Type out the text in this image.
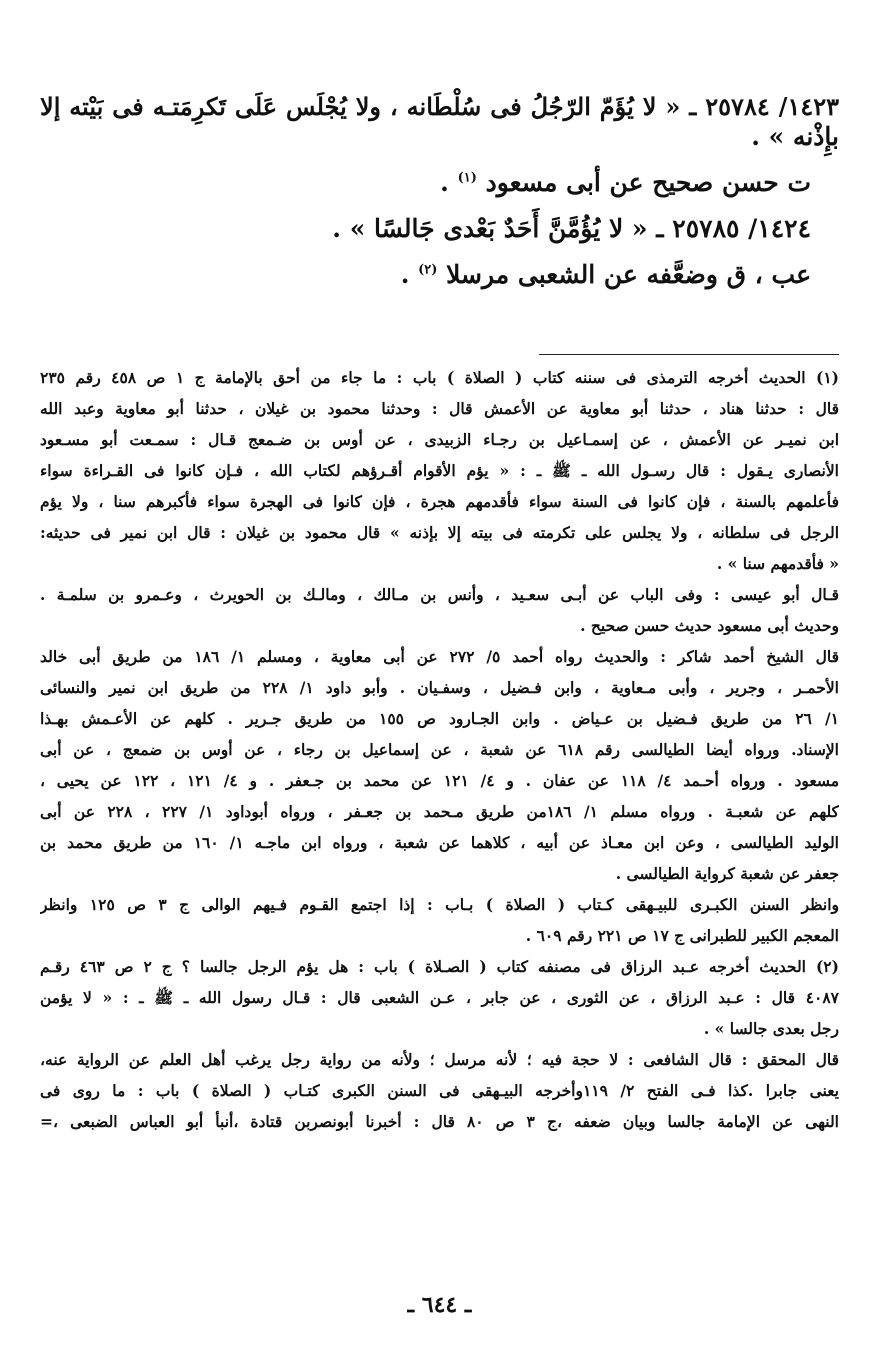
١٤٢٣/ ٢٥٧٨٤ ـ « لا يُؤَمّ الرّجُلُ فى سُلْطَانه ، ولا يُجْلَس عَلَى تَكرِمَتـه فى بَيْته إلا

بإِذْنه » .

ت حسن صحيح عن أبى مسعود $^{(١)}$ .

١٤٢٤/ ٢٥٧٨٥ ـ « لا يُؤُمَّنَّ أَحَدٌ بَعْدى جَالسًا » .

عب ، ق وضعَّفه عن الشعبى مرسلا $^{(٢)}$ .

(١) الحديث أخرجه الترمذى فى سننه كتاب ( الصلاة ) باب : ما جاء من أحق بالإمامة ج ١ ص ٤٥٨ رقم ٢٣٥

قال : حدثنا هناد ، حدثنا أبو معاوية عن الأعمش قال : وحدثنا محمود بن غيلان ، حدثنا أبو معاوية وعبد الله

ابن نميـر عن الأعمش ، عن إسمـاعيل بن رجـاء الزبيدى ، عن أوس بن ضـمعج قـال : سمـعت أبو مسـعود

الأنصارى يـقول : قال رسـول الله ـ ﷺ ـ : « يؤم الأقوام أقـرؤهم لكتاب الله ، فـإن كانوا فى القـراءة سواء

فأعلمهم بالسنة ، فإن كانوا فى السنة سواء فأقدمهم هجرة ، فإن كانوا فى الهجرة سواء فأكبرهم سنا ، ولا يؤم

الرجل فى سلطانه ، ولا يجلس على تكرمته فى بيته إلا بإذنه » قال محمود بن غيلان : قال ابن نمير فى حديثه:

« فأقدمهم سنا » .

قـال أبو عيسى : وفى الباب عن أبـى سعـيد ، وأنس بن مـالك ، ومالـك بن الحويرث ، وعـمرو بن سلمـة .

وحديث أبى مسعود حديث حسن صحيح .

قال الشيخ أحمد شاكر : والحديث رواه أحمد ٥/ ٢٧٢ عن أبى معاوية ، ومسلم ١/ ١٨٦ من طريق أبى خالد

الأحمـر ، وجرير ، وأبى مـعاوية ، وابن فـضيل ، وسفـيان . وأبو داود ١/ ٢٢٨ من طريق ابن نمير والنسائى

١/ ٢٦ من طريق فـضيل بن عـياض . وابن الجـارود ص ١٥٥ من طريق جـرير . كلهم عن الأعـمش بهـذا

الإسناد. ورواه أيضا الطيالسى رقم ٦١٨ عن شعبة ، عن إسماعيل بن رجاء ، عن أوس بن ضمعج ، عن أبى

مسعود . ورواه أحـمد ٤/ ١١٨ عن عفان . و ٤/ ١٢١ عن محمد بن جـعفر . و ٤/ ١٢١ ، ١٢٢ عن يحيى ،

كلهم عن شعبـة . ورواه مسلم ١/ ١٨٦من طريق مـحمد بن جعـفر ، ورواه أبوداود ١/ ٢٢٧ ، ٢٢٨ عن أبى

الوليد الطيالسى ، وعن ابن معـاذ عن أبيه ، كلاهما عن شعبة ، ورواه ابن ماجـه ١/ ١٦٠ من طريق محمد بن

جعفر عن شعبة كرواية الطيالسى .

وانظر السنن الكبـرى للبيـهقى كـتاب ( الصلاة ) بـاب : إذا اجتمع القـوم فـيهم الوالى ج ٣ ص ١٢٥ وانظر

المعجم الكبير للطبرانى ج ١٧ ص ٢٢١ رقم ٦٠٩ .

(٢) الحديث أخرجه عـبد الرزاق فى مصنفه كتاب ( الصـلاة ) باب : هل يؤم الرجل جالسا ؟ ج ٢ ص ٤٦٣ رقـم

٤٠٨٧ قال : عـبد الرزاق ، عن الثورى ، عن جابر ، عـن الشعبى قال : قـال رسول الله ـ ﷺ ـ : « لا يؤمن

رجل بعدى جالسا » .

قال المحقق : قال الشافعى : لا حجة فيه ؛ لأنه مرسل ؛ ولأنه من رواية رجل يرغب أهل العلم عن الرواية عنه،

يعنى جابرا .كذا فـى الفتح ٢/ ١١٩وأخرجه البيـهقى فى السنن الكبرى كتـاب ( الصلاة ) باب : ما روى فى

النهى عن الإمامة جالسا وبيان ضعفه ،ج ٣ ص ٨٠ قال : أخبرنا أبونصربن قتادة ،أنبأ أبو العباس الضبعى ،=

ـ ٦٤٤ ـ
